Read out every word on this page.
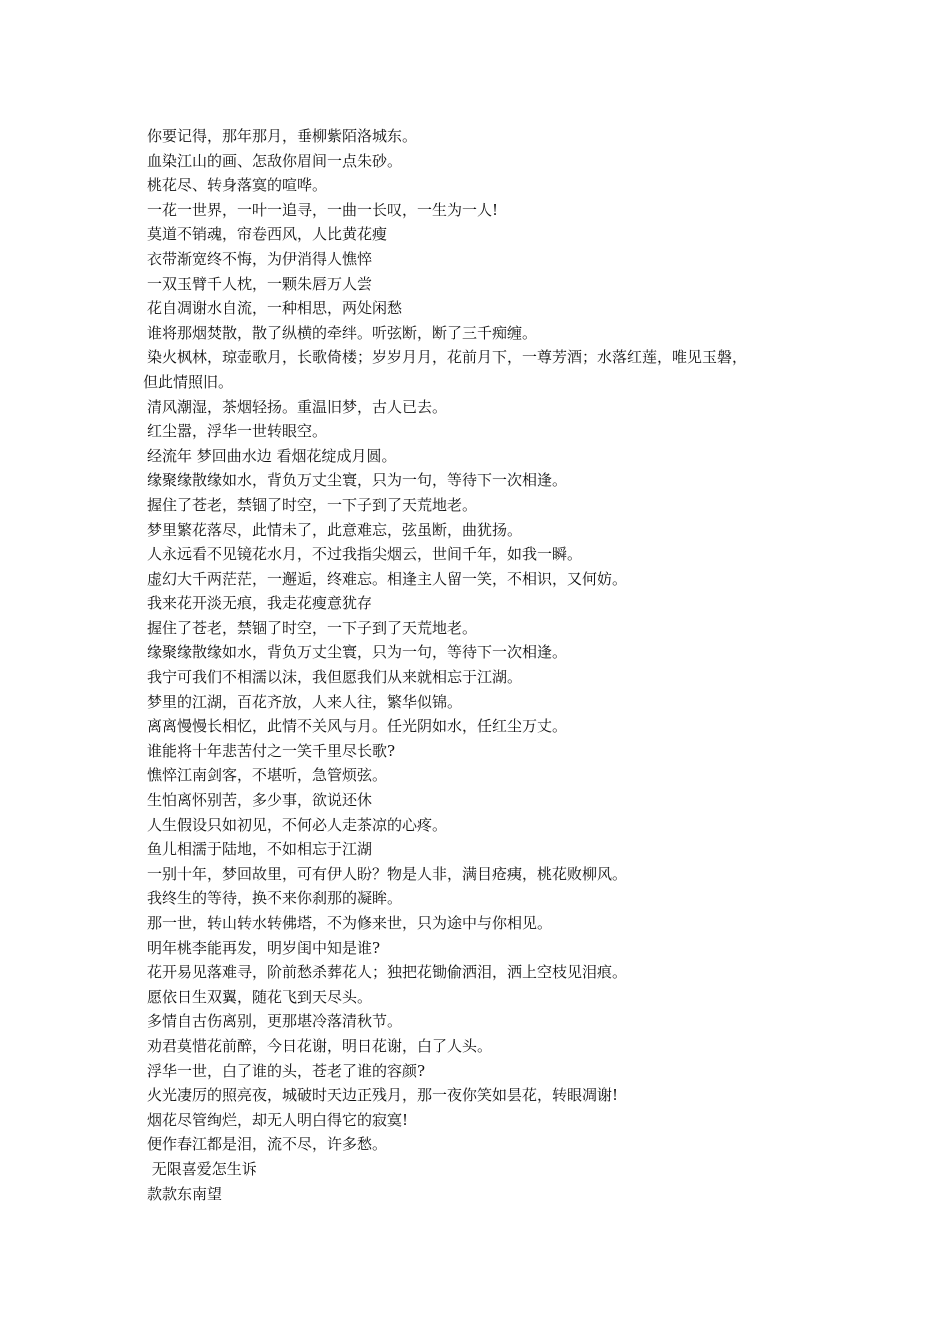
你要记得，那年那月，垂柳紫陌洛城东。
血染江山的画、怎敌你眉间一点朱砂。
桃花尽、转身落寞的喧哗。
一花一世界，一叶一追寻，一曲一长叹，一生为一人!
莫道不销魂，帘卷西风，人比黄花瘦
衣带渐宽终不悔，为伊消得人憔悴
一双玉臂千人枕，一颗朱唇万人尝
花自凋谢水自流，一种相思，两处闲愁
谁将那烟焚散，散了纵横的牵绊。听弦断，断了三千痴缠。
染火枫林，琼壶歌月，长歌倚楼；岁岁月月，花前月下，一尊芳酒；水落红莲，唯见玉磐，
但此情照旧。
清风潮湿，茶烟轻扬。重温旧梦，古人已去。
红尘嚣，浮华一世转眼空。
经流年 梦回曲水边 看烟花绽成月圆。
缘聚缘散缘如水，背负万丈尘寰，只为一句，等待下一次相逢。
握住了苍老，禁锢了时空，一下子到了天荒地老。
梦里繁花落尽，此情未了，此意难忘，弦虽断，曲犹扬。
人永远看不见镜花水月，不过我指尖烟云，世间千年，如我一瞬。
虚幻大千两茫茫，一邂逅，终难忘。相逢主人留一笑，不相识，又何妨。
我来花开淡无痕，我走花瘦意犹存
握住了苍老，禁锢了时空，一下子到了天荒地老。
缘聚缘散缘如水，背负万丈尘寰，只为一句，等待下一次相逢。
我宁可我们不相濡以沫，我但愿我们从来就相忘于江湖。
梦里的江湖，百花齐放，人来人往，繁华似锦。
离离慢慢长相忆，此情不关风与月。任光阴如水，任红尘万丈。
谁能将十年悲苦付之一笑千里尽长歌?
憔悴江南剑客，不堪听，急管烦弦。
生怕离怀别苦，多少事，欲说还休
人生假设只如初见，不何必人走茶凉的心疼。
鱼儿相濡于陆地，不如相忘于江湖
一别十年，梦回故里，可有伊人盼？物是人非，满目疮痍，桃花败柳风。
我终生的等待，换不来你刹那的凝眸。
那一世，转山转水转佛塔，不为修来世，只为途中与你相见。
明年桃李能再发，明岁闺中知是谁?
花开易见落难寻，阶前愁杀葬花人；独把花锄偷洒泪，洒上空枝见泪痕。
愿依日生双翼，随花飞到天尽头。
多情自古伤离别，更那堪冷落清秋节。
劝君莫惜花前醉，今日花谢，明日花谢，白了人头。
浮华一世，白了谁的头，苍老了谁的容颜?
火光凄厉的照亮夜，城破时天边正残月，那一夜你笑如昙花，转眼凋谢!
烟花尽管绚烂，却无人明白得它的寂寞!
便作春江都是泪，流不尽，许多愁。
无限喜爱怎生诉
款款东南望
